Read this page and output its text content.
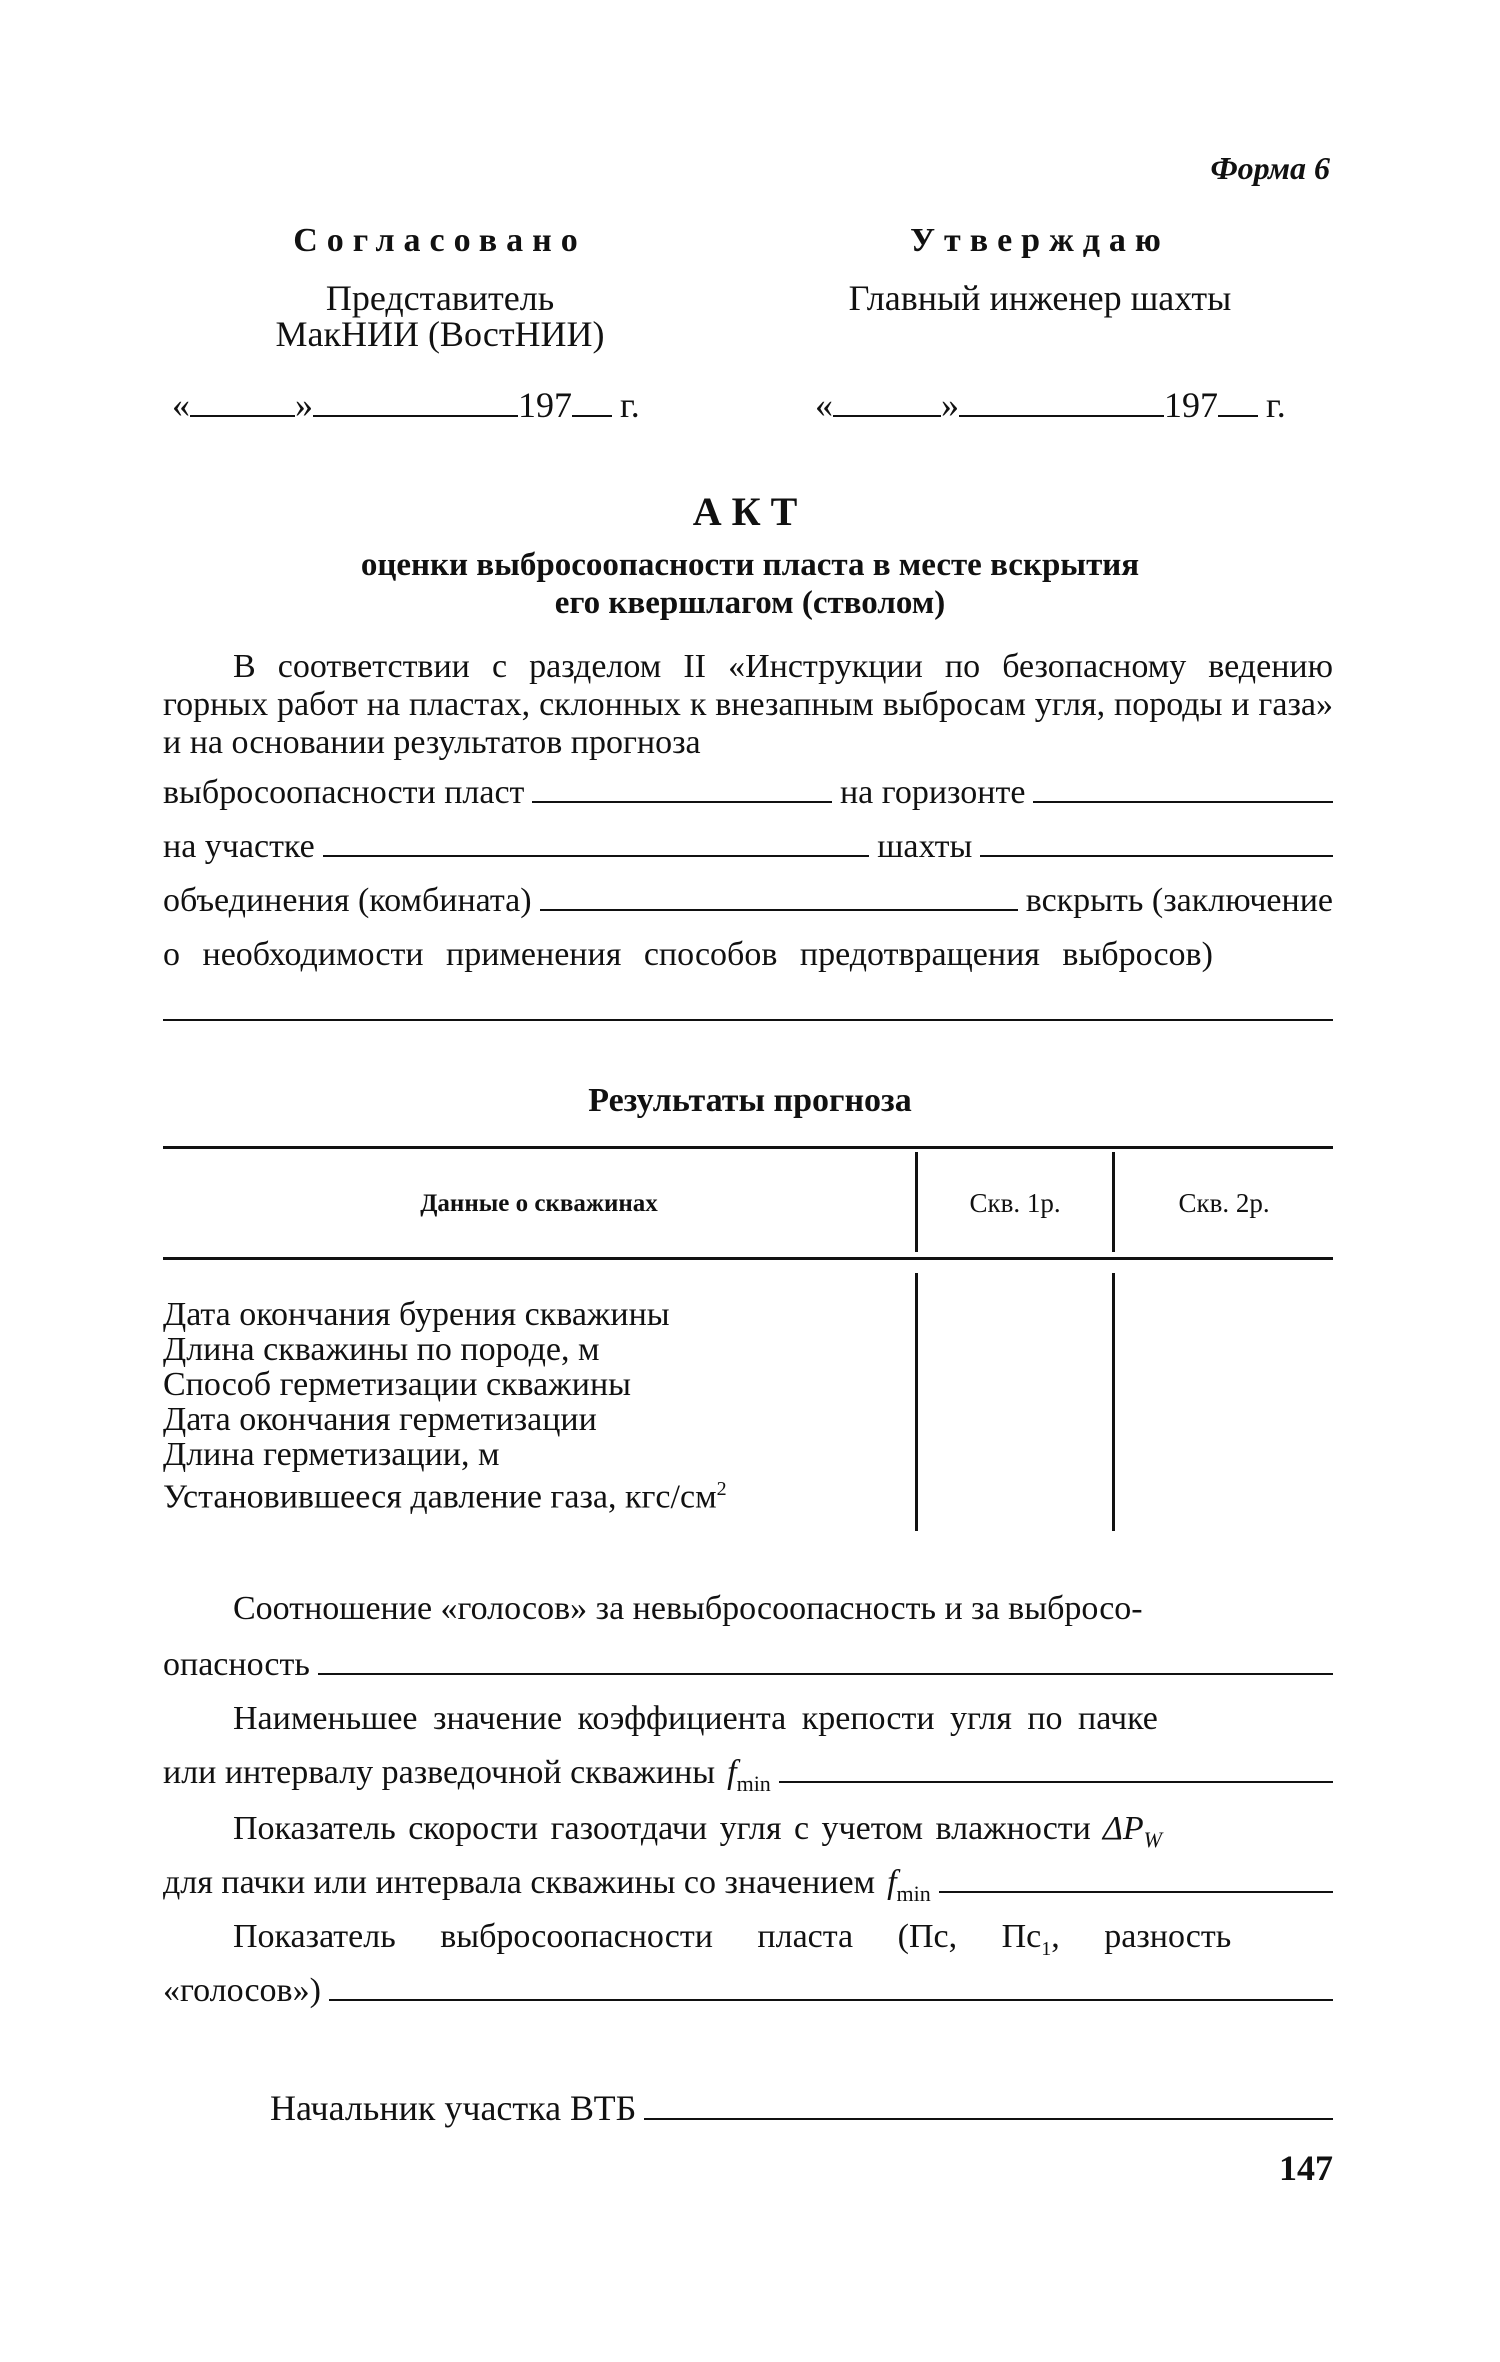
Форма 6
Согласовано
Представитель
МакНИИ (ВостНИИ)
«	»	197 г.
Утверждаю
Главный инженер шахты
«	»	197 г.
АКТ
оценки выбросоопасности пласта в месте вскрытия
его квершлагом (стволом)
В соответствии с разделом II «Инструкции по безопасному ведению горных работ на пластах, склонных к внезапным выбросам угля, породы и газа» и на основании результатов прогноза
выбросоопасности пласт	на горизонте
на участке	шахты
объединения (комбината)	вскрыть (заключение
о необходимости применения способов предотвращения выбросов)
Результаты прогноза
Данные о скважинах	Скв. 1р.	Скв. 2р.
Дата окончания бурения скважины
Длина скважины по породе, м
Способ герметизации скважины
Дата окончания герметизации
Длина герметизации, м
Установившееся давление газа, кгс/$см^2$
Соотношение «голосов» за невыбросоопасность и за выбросо-
опасность
Наименьшее значение коэффициента крепости угля по пачке
или интервалу разведочной скважины $f_{min}$
Показатель скорости газоотдачи угля с учетом влажности $\Delta P_W$
для пачки или интервала скважины со значением $f_{min}$
Показатель выбросоопасности пласта (Пс, $Пс_1$, разность
«голосов»)
Начальник участка ВТБ
147
